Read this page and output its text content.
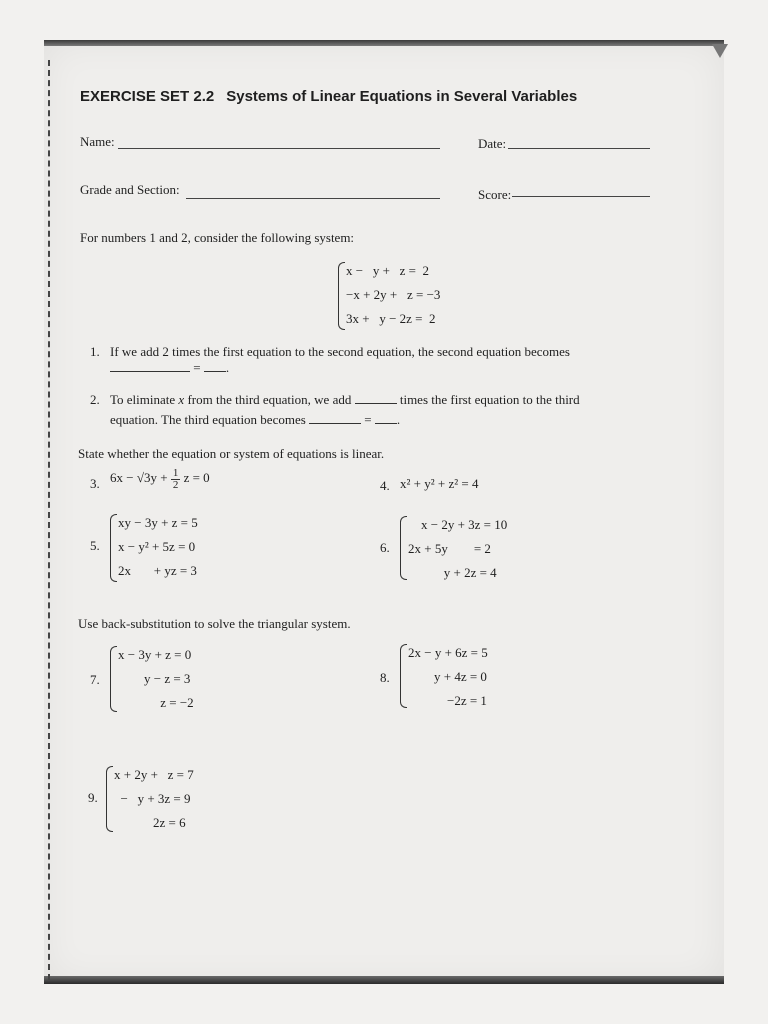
EXERCISE SET 2.2 Systems of Linear Equations in Several Variables
Name:	Date:
Grade and Section:	Score:
For numbers 1 and 2, consider the following system:
x −   y +   z =  2
−x + 2y +   z = −3
3x +   y − 2z =  2
1. If we add 2 times the first equation to the second equation, the second equation becomes
= .
2. To eliminate x from the third equation, we add	times the first equation to the third
equation. The third equation becomes	= .
State whether the equation or system of equations is linear.
3. $6x - √3y + \frac{1}{2}$ z = 0
4. x² + y² + z² = 4
5.
xy − 3y + z = 5
x − y² + 5z = 0
2x       + yz = 3
6.
x − 2y + 3z = 10
2x + 5y        = 2
y + 2z = 4
Use back-substitution to solve the triangular system.
7.
x − 3y + z = 0
y − z = 3
z = −2
8.
2x − y + 6z = 5
y + 4z = 0
−2z = 1
9.
x + 2y +   z = 7
−   y + 3z = 9
2z = 6
